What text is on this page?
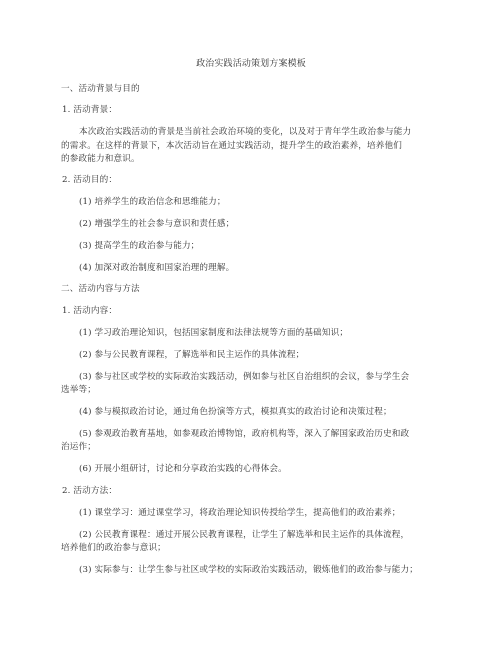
政治实践活动策划方案模板
一、活动背景与目的
1. 活动背景：
本次政治实践活动的背景是当前社会政治环境的变化，以及对于青年学生政治参与能力
的需求。在这样的背景下，本次活动旨在通过实践活动，提升学生的政治素养，培养他们
的参政能力和意识。
2. 活动目的：
(1) 培养学生的政治信念和思维能力；
(2) 增强学生的社会参与意识和责任感；
(3) 提高学生的政治参与能力；
(4) 加深对政治制度和国家治理的理解。
二、活动内容与方法
1. 活动内容：
(1) 学习政治理论知识，包括国家制度和法律法规等方面的基础知识；
(2) 参与公民教育课程，了解选举和民主运作的具体流程；
(3) 参与社区或学校的实际政治实践活动，例如参与社区自治组织的会议，参与学生会
选举等；
(4) 参与模拟政治讨论，通过角色扮演等方式，模拟真实的政治讨论和决策过程；
(5) 参观政治教育基地，如参观政治博物馆，政府机构等，深入了解国家政治历史和政
治运作；
(6) 开展小组研讨，讨论和分享政治实践的心得体会。
2. 活动方法：
(1) 课堂学习：通过课堂学习，将政治理论知识传授给学生，提高他们的政治素养；
(2) 公民教育课程：通过开展公民教育课程，让学生了解选举和民主运作的具体流程，
培养他们的政治参与意识；
(3) 实际参与：让学生参与社区或学校的实际政治实践活动，锻炼他们的政治参与能力；
